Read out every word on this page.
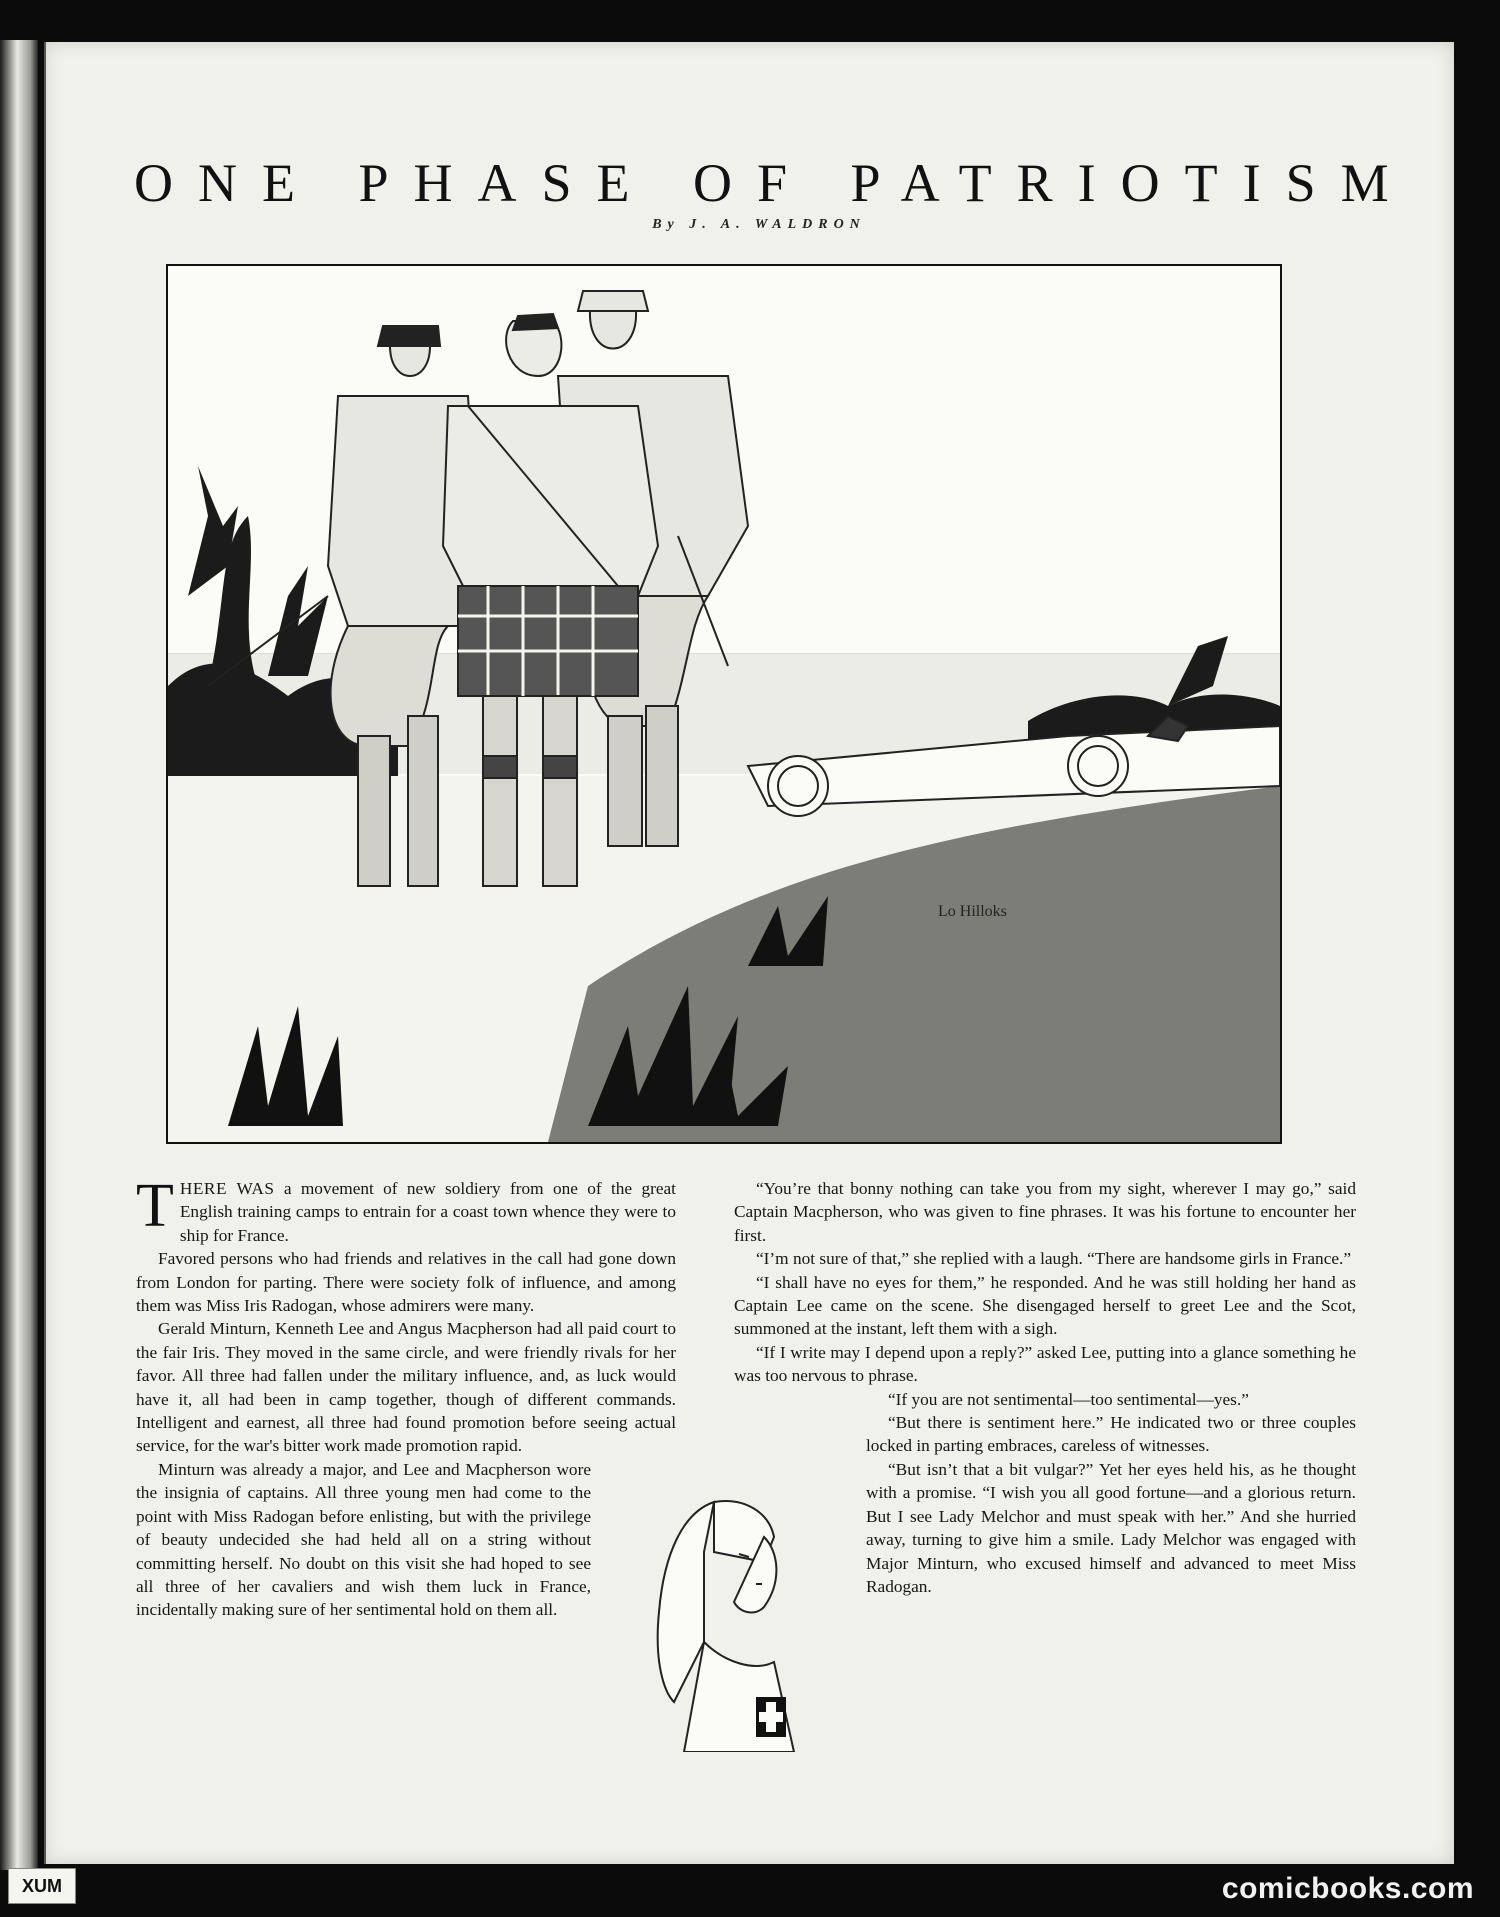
ONE PHASE OF PATRIOTISM
By J. A. WALDRON
Lo Hilloks

THERE WAS a movement of new soldiery from one of the great English training camps to entrain for a coast town whence they were to ship for France.

Favored persons who had friends and relatives in the call had gone down from London for parting. There were society folk of influence, and among them was Miss Iris Radogan, whose admirers were many.

Gerald Minturn, Kenneth Lee and Angus Macpherson had all paid court to the fair Iris. They moved in the same circle, and were friendly rivals for her favor. All three had fallen under the military influence, and, as luck would have it, all had been in camp together, though of different commands. Intelligent and earnest, all three had found promotion before seeing actual service, for the war's bitter work made promotion rapid.

Minturn was already a major, and Lee and Macpherson wore the insignia of captains. All three young men had come to the point with Miss Radogan before enlisting, but with the privilege of beauty undecided she had held all on a string without committing herself. No doubt on this visit she had hoped to see all three of her cavaliers and wish them luck in France, incidentally making sure of her sentimental hold on them all.

“You’re that bonny nothing can take you from my sight, wherever I may go,” said Captain Macpherson, who was given to fine phrases. It was his fortune to encounter her first.

“I’m not sure of that,” she replied with a laugh. “There are handsome girls in France.”

“I shall have no eyes for them,” he responded. And he was still holding her hand as Captain Lee came on the scene. She disengaged herself to greet Lee and the Scot, summoned at the instant, left them with a sigh.

“If I write may I depend upon a reply?” asked Lee, putting into a glance something he was too nervous to phrase.

“If you are not sentimental—too sentimental—yes.”

“But there is sentiment here.” He indicated two or three couples locked in parting embraces, careless of witnesses.

“But isn’t that a bit vulgar?” Yet her eyes held his, as he thought with a promise. “I wish you all good fortune—and a glorious return. But I see Lady Melchor and must speak with her.” And she hurried away, turning to give him a smile. Lady Melchor was engaged with Major Minturn, who excused himself and advanced to meet Miss Radogan.

XUM	comicbooks.com
